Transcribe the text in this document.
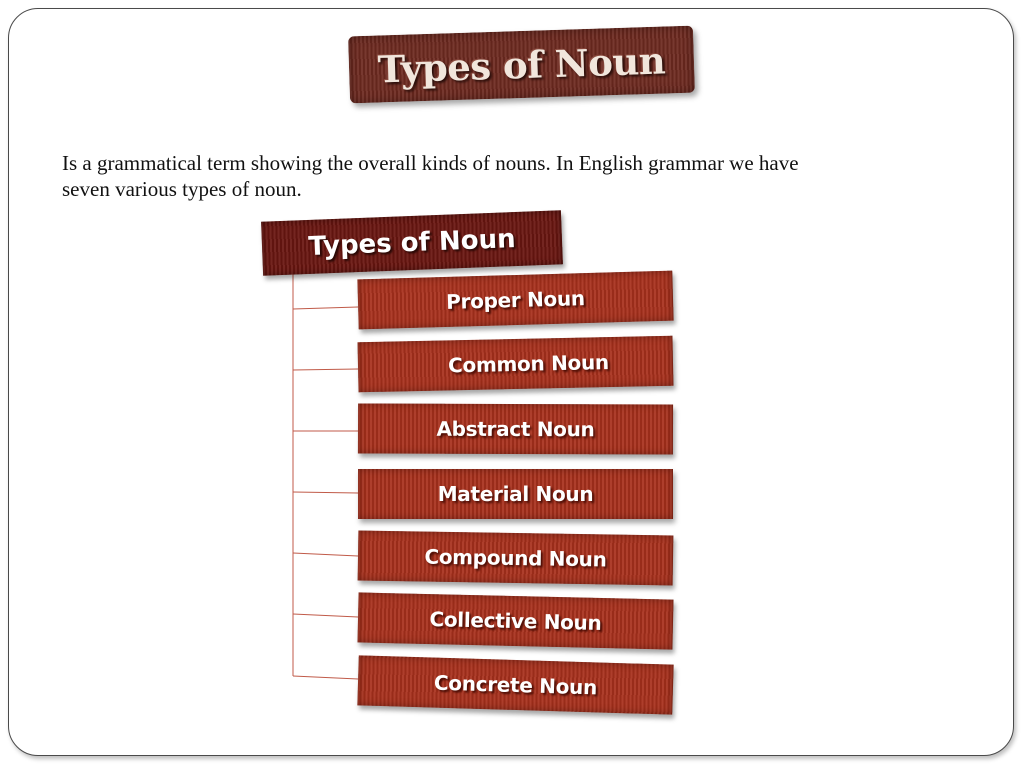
Types of Noun

Is a grammatical term showing the overall kinds of nouns. In English grammar we have seven various types of noun.

Types of Noun
Proper Noun
Common Noun
Abstract Noun
Material Noun
Compound Noun
Collective Noun
Concrete Noun
